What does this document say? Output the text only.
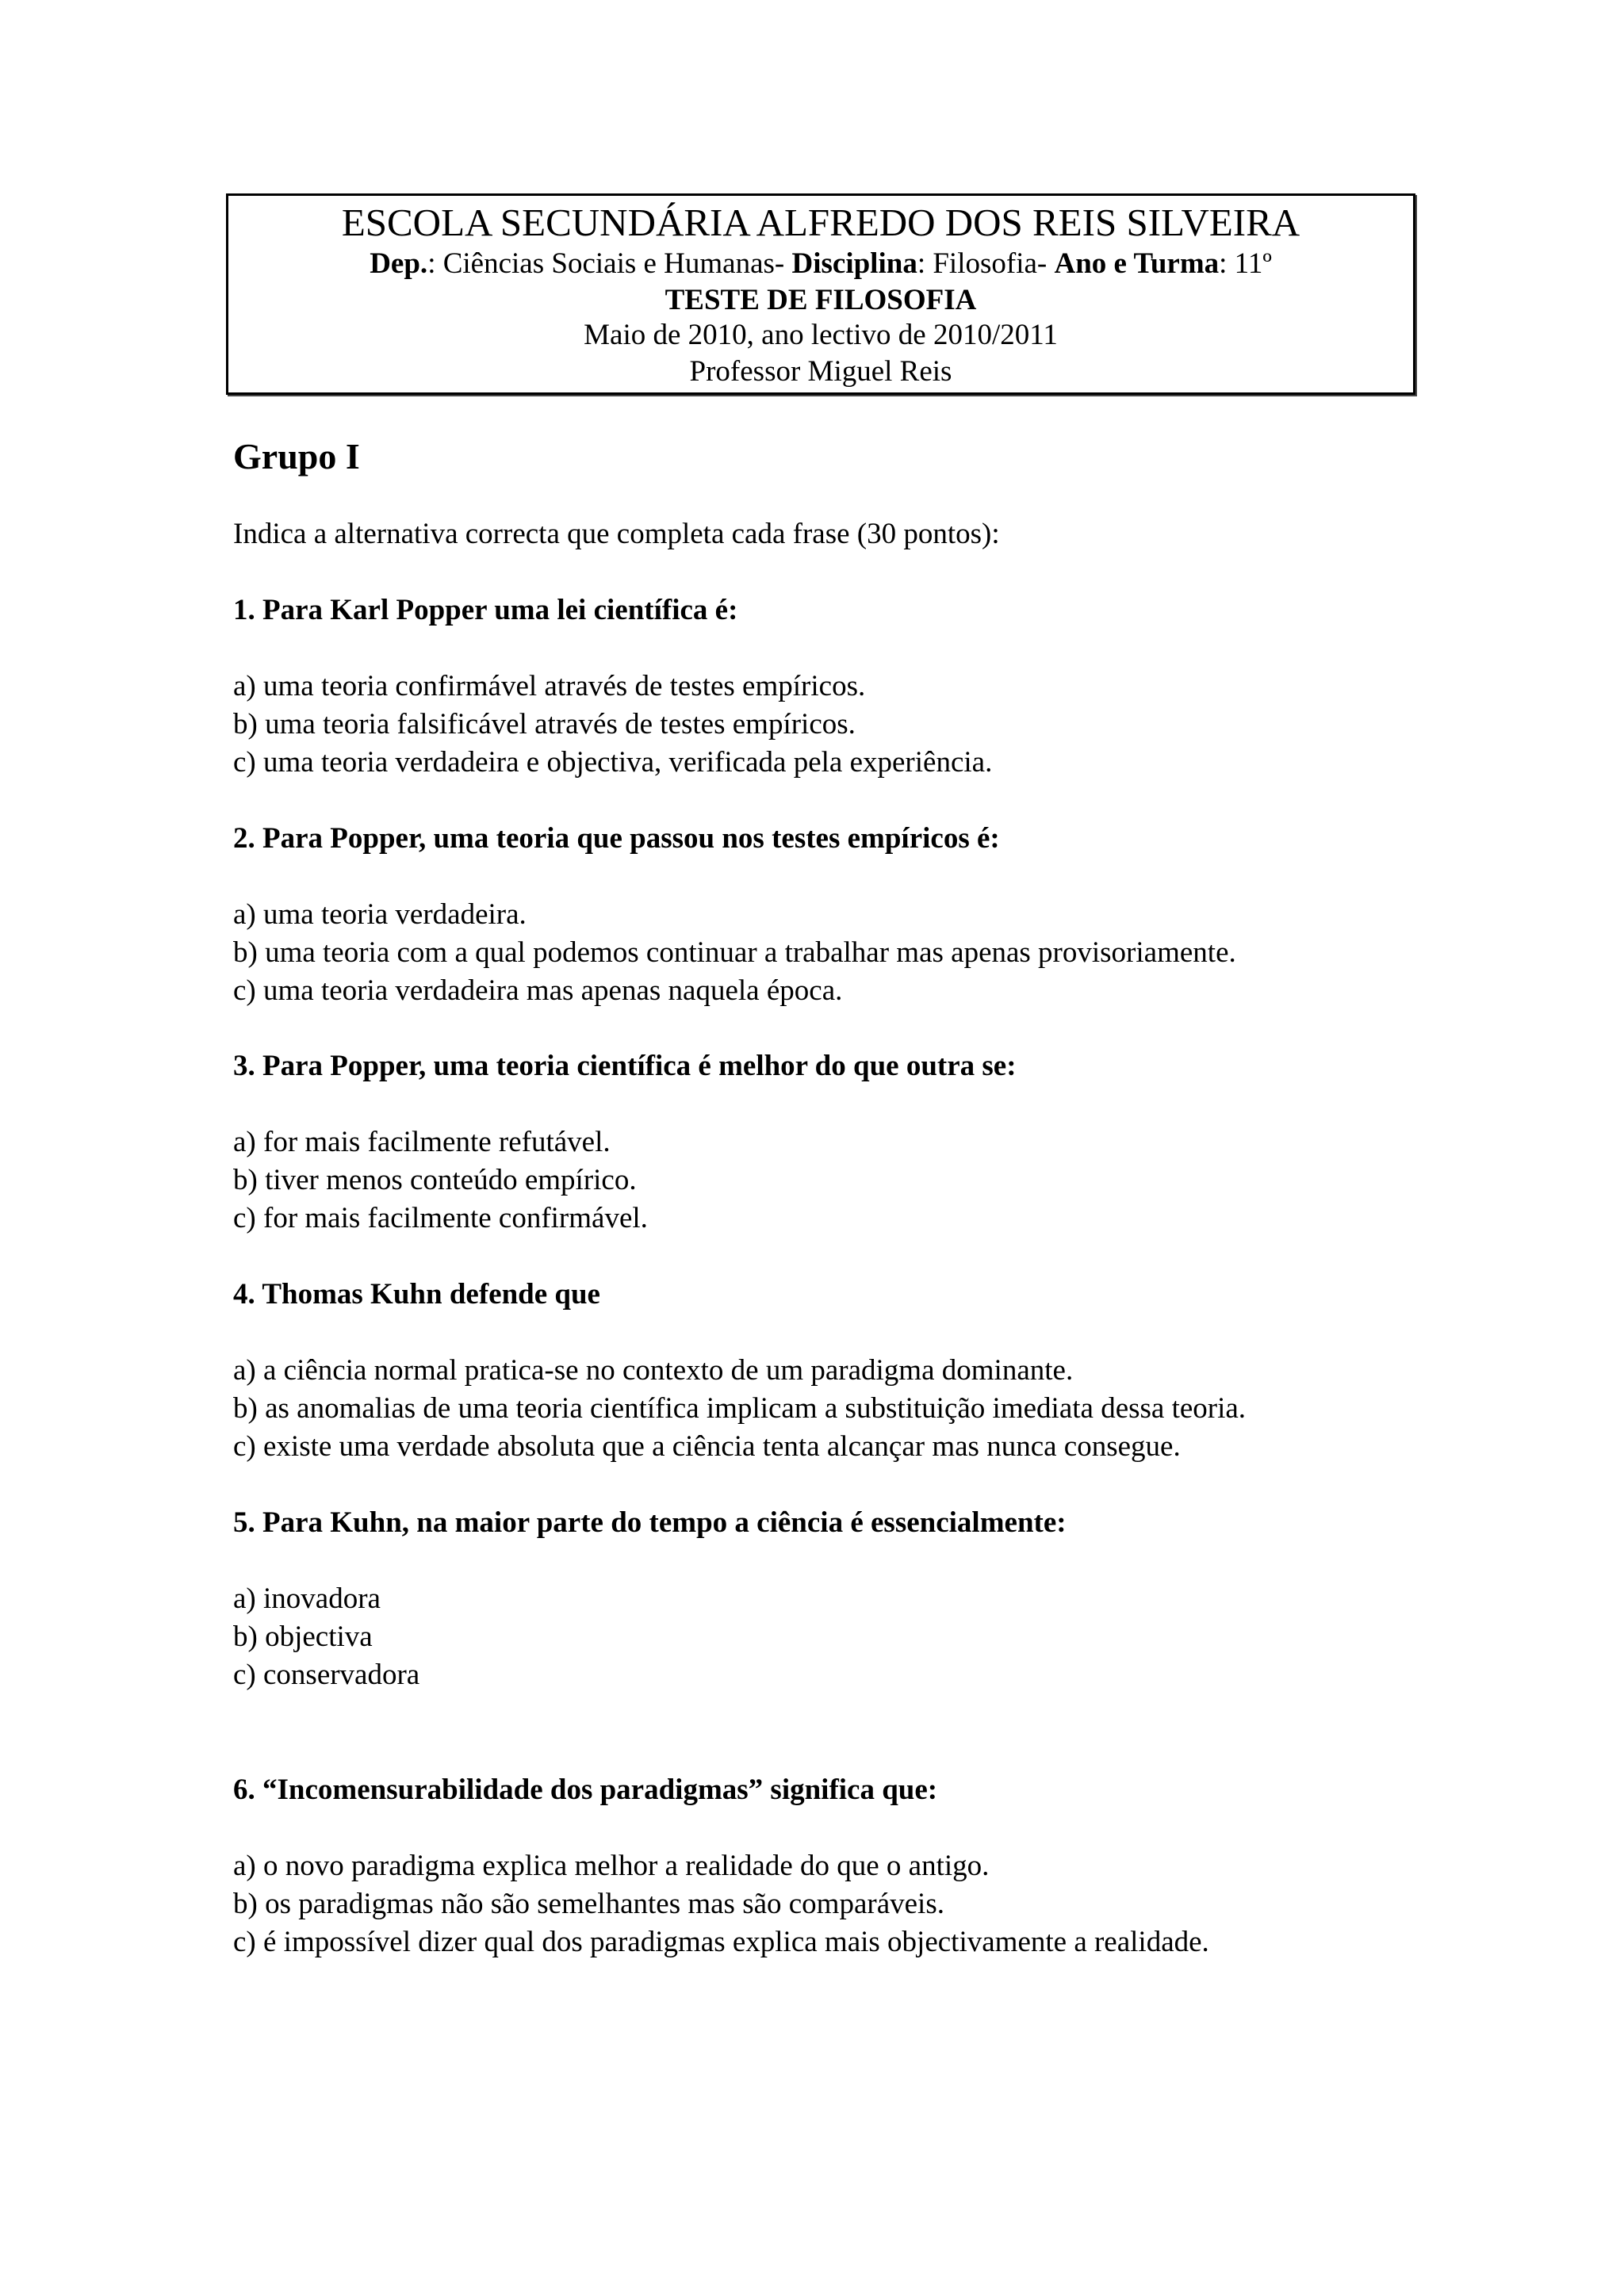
ESCOLA SECUNDÁRIA ALFREDO DOS REIS SILVEIRA
Dep.: Ciências Sociais e Humanas- Disciplina: Filosofia- Ano e Turma: 11º
TESTE DE FILOSOFIA
Maio de 2010, ano lectivo de 2010/2011
Professor Miguel Reis
Grupo I
Indica a alternativa correcta que completa cada frase (30 pontos):
1. Para Karl Popper uma lei científica é:
a) uma teoria confirmável através de testes empíricos.
b) uma teoria falsificável através de testes empíricos.
c) uma teoria verdadeira e objectiva, verificada pela experiência.
2. Para Popper, uma teoria que passou nos testes empíricos é:
a) uma teoria verdadeira.
b) uma teoria com a qual podemos continuar a trabalhar mas apenas provisoriamente.
c) uma teoria verdadeira mas apenas naquela época.
3. Para Popper, uma teoria científica é melhor do que outra se:
a) for mais facilmente refutável.
b) tiver menos conteúdo empírico.
c) for mais facilmente confirmável.
4. Thomas Kuhn defende que
a) a ciência normal pratica-se no contexto de um paradigma dominante.
b) as anomalias de uma teoria científica implicam a substituição imediata dessa teoria.
c) existe uma verdade absoluta que a ciência tenta alcançar mas nunca consegue.
5. Para Kuhn, na maior parte do tempo a ciência é essencialmente:
a) inovadora
b) objectiva
c) conservadora
6. “Incomensurabilidade dos paradigmas” significa que:
a) o novo paradigma explica melhor a realidade do que o antigo.
b) os paradigmas não são semelhantes mas são comparáveis.
c) é impossível dizer qual dos paradigmas explica mais objectivamente a realidade.
